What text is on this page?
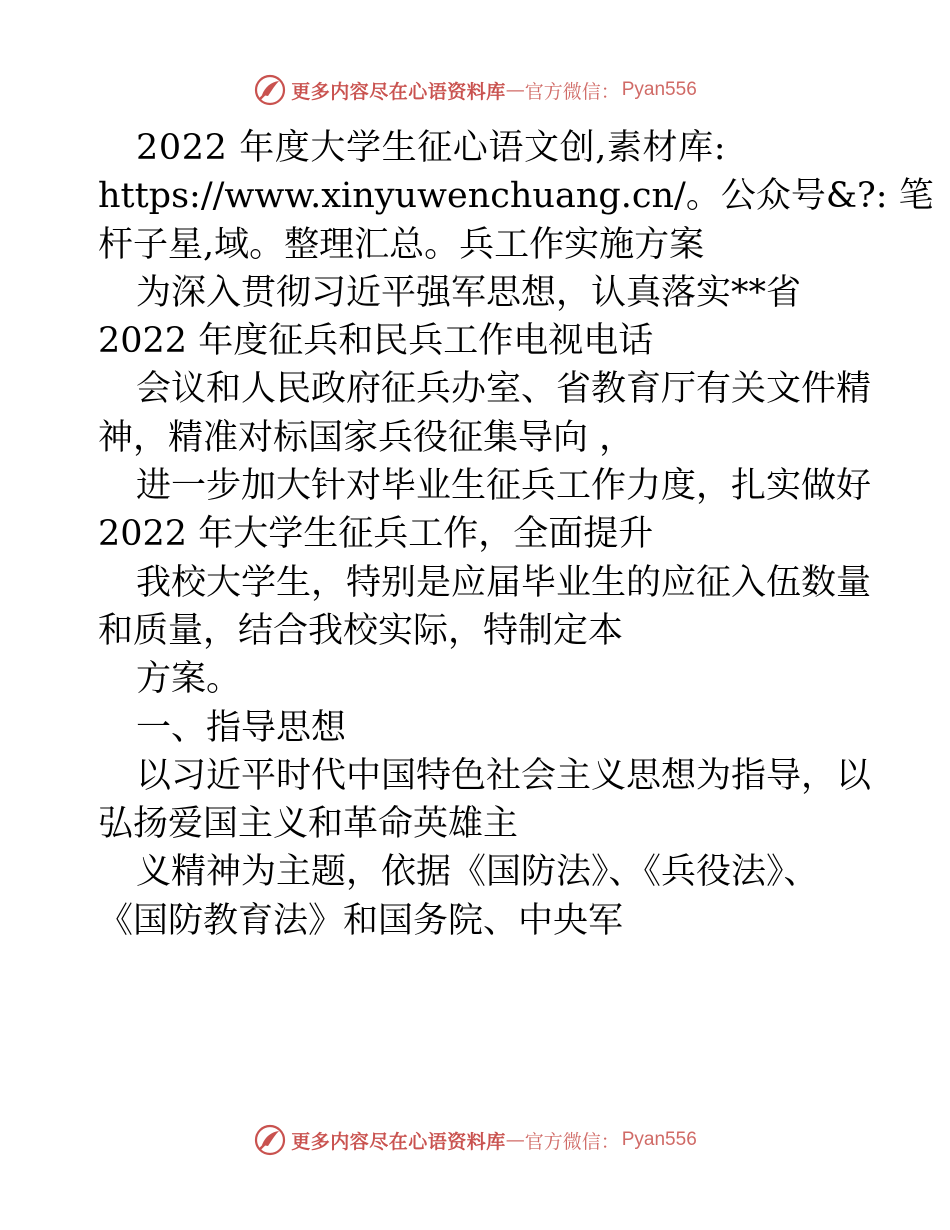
更多内容尽在心语资料库 — 官方微信： Pyan556
2022 年度大学生征心语文创,素材库:
https://www.xinyuwenchuang.cn/。公众号&?: 笔
杆子星,域。整理汇总。兵工作实施方案
为深入贯彻习近平强军思想，认真落实**省
2022 年度征兵和民兵工作电视电话
会议和人民政府征兵办室、省教育厅有关文件精
神，精准对标国家兵役征集导向 ，
进一步加大针对毕业生征兵工作力度，扎实做好
2022 年大学生征兵工作，全面提升
我校大学生，特别是应届毕业生的应征入伍数量
和质量，结合我校实际，特制定本
方案。
一、指导思想
以习近平时代中国特色社会主义思想为指导，以
弘扬爱国主义和革命英雄主
义精神为主题，依据《国防法》、《兵役法》、
《国防教育法》和国务院、中央军
更多内容尽在心语资料库 — 官方微信： Pyan556
